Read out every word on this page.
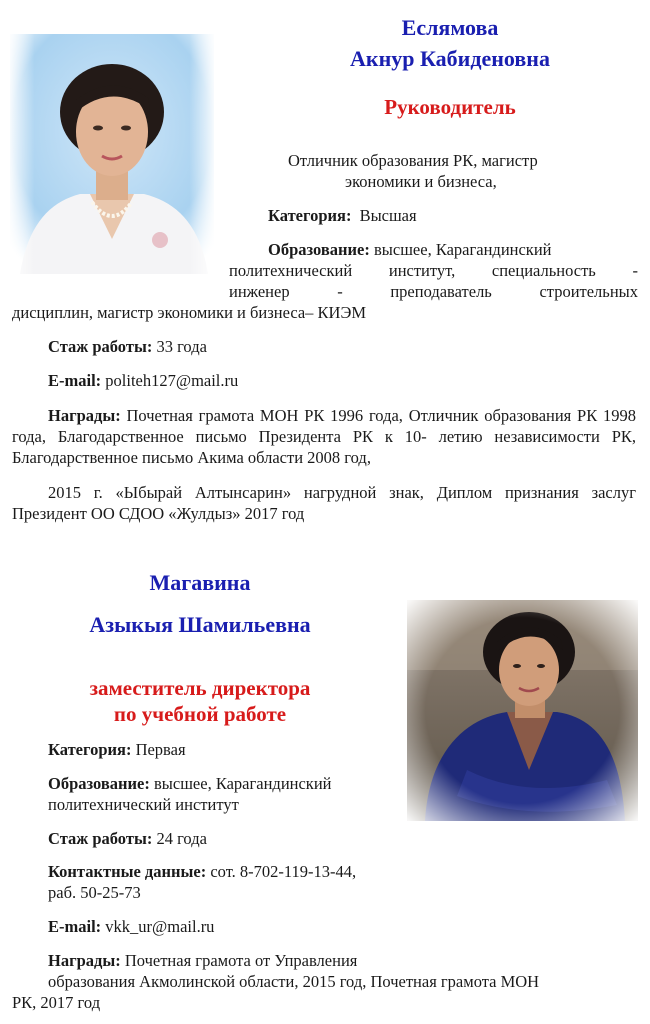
Еслямова
Акнур Кабиденовна
Руководитель
Отличник образования РК, магистр
экономики и бизнеса,
Категория: Высшая
Образование: высшее, Карагандинский
политехнический институт, специальность -
инженер - преподаватель строительных
дисциплин, магистр экономики и бизнеса– КИЭМ
Стаж работы: 33 года
E-mail: politeh127@mail.ru
Награды: Почетная грамота МОН РК 1996 года, Отличник образования РК 1998 года, Благодарственное письмо Президента РК к 10- летию независимости РК, Благодарственное письмо Акима области 2008 год,
2015 г. «Ыбырай Алтынсарин» нагрудной знак, Диплом признания заслуг Президент ОО СДОО «Жулдыз» 2017 год
Магавина
Азыкыя Шамильевна
заместитель директора
по учебной работе
Категория: Первая
Образование: высшее, Карагандинский
политехнический институт
Стаж работы: 24 года
Контактные данные: сот. 8-702-119-13-44,
раб. 50-25-73
E-mail: vkk_ur@mail.ru
Награды: Почетная грамота от Управления
образования Акмолинской области, 2015 год, Почетная грамота МОН
РК, 2017 год
